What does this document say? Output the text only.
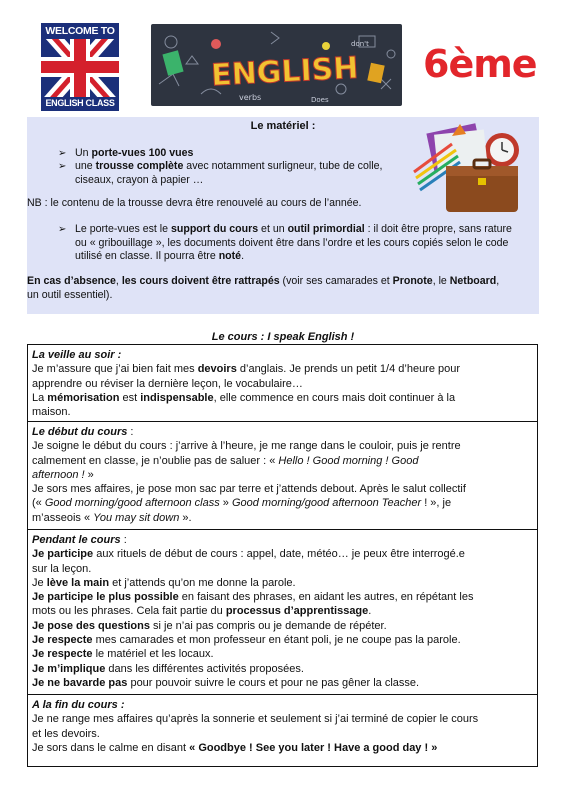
WELCOME TO
ENGLISH CLASS
ENGLISH
verbs	Does
don't 6ème
Le matériel :
➢ Un porte-vues 100 vues
➢ une trousse complète avec notamment surligneur, tube de colle,
ciseaux, crayon à papier …
NB : le contenu de la trousse devra être renouvelé au cours de l’année.
➢ Le porte-vues est le support du cours et un outil primordial : il doit être propre, sans rature
ou « gribouillage », les documents doivent être dans l’ordre et les cours copiés selon le code
utilisé en classe. Il pourra être noté.
En cas d’absence, les cours doivent être rattrapés (voir ses camarades et Pronote, le Netboard,
un outil essentiel).
Le cours : I speak English !

La veille au soir :

Je m’assure que j’ai bien fait mes devoirs d’anglais. Je prends un petit 1/4 d’heure pour

apprendre ou réviser la dernière leçon, le vocabulaire…

La mémorisation est indispensable, elle commence en cours mais doit continuer à la

maison.

Le début du cours :

Je soigne le début du cours : j’arrive à l’heure, je me range dans le couloir, puis je rentre

calmement en classe, je n’oublie pas de saluer : « Hello ! Good morning ! Good

afternoon ! »

Je sors mes affaires, je pose mon sac par terre et j’attends debout. Après le salut collectif

(« Good morning/good afternoon class » Good morning/good afternoon Teacher ! », je

m’asseois « You may sit down ».

Pendant le cours :

Je participe aux rituels de début de cours : appel, date, météo… je peux être interrogé.e

sur la leçon.

Je lève la main et j’attends qu’on me donne la parole.

Je participe le plus possible en faisant des phrases, en aidant les autres, en répétant les

mots ou les phrases. Cela fait partie du processus d’apprentissage.

Je pose des questions si je n’ai pas compris ou je demande de répéter.

Je respecte mes camarades et mon professeur en étant poli, je ne coupe pas la parole.

Je respecte le matériel et les locaux.

Je m’implique dans les différentes activités proposées.

Je ne bavarde pas pour pouvoir suivre le cours et pour ne pas gêner la classe.

A la fin du cours :

Je ne range mes affaires qu’après la sonnerie et seulement si j’ai terminé de copier le cours

et les devoirs.

Je sors dans le calme en disant « Goodbye ! See you later ! Have a good day ! »
